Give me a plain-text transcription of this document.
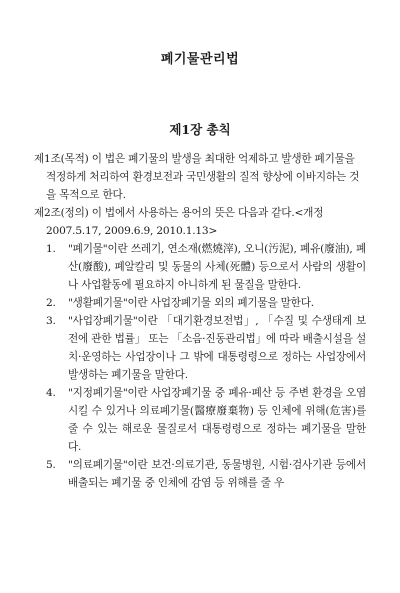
폐기물관리법
제1장 총칙

제1조(목적) 이 법은 폐기물의 발생을 최대한 억제하고 발생한 폐기물을 적정하게 처리하여 환경보전과 국민생활의 질적 향상에 이바지하는 것을 목적으로 한다.

제2조(정의) 이 법에서 사용하는 용어의 뜻은 다음과 같다.<개정 2007.5.17, 2009.6.9, 2010.1.13>

1.	"폐기물"이란 쓰레기, 연소재(燃燒滓), 오니(汚泥), 폐유(廢油), 폐산(廢酸), 폐알칼리 및 동물의 사체(死體) 등으로서 사람의 생활이나 사업활동에 필요하지 아니하게 된 물질을 말한다.
2.	"생활폐기물"이란 사업장폐기물 외의 폐기물을 말한다.
3.	"사업장폐기물"이란 「대기환경보전법」, 「수질 및 수생태계 보전에 관한 법률」 또는 「소음·진동관리법」에 따라 배출시설을 설치·운영하는 사업장이나 그 밖에 대통령령으로 정하는 사업장에서 발생하는 폐기물을 말한다.
4.	"지정폐기물"이란 사업장폐기물 중 폐유·폐산 등 주변 환경을 오염시킬 수 있거나 의료폐기물(醫療廢棄物) 등 인체에 위해(危害)를 줄 수 있는 해로운 물질로서 대통령령으로 정하는 폐기물을 말한다.
5.	"의료폐기물"이란 보건·의료기관, 동물병원, 시험·검사기관 등에서 배출되는 폐기물 중 인체에 감염 등 위해를 줄 우
